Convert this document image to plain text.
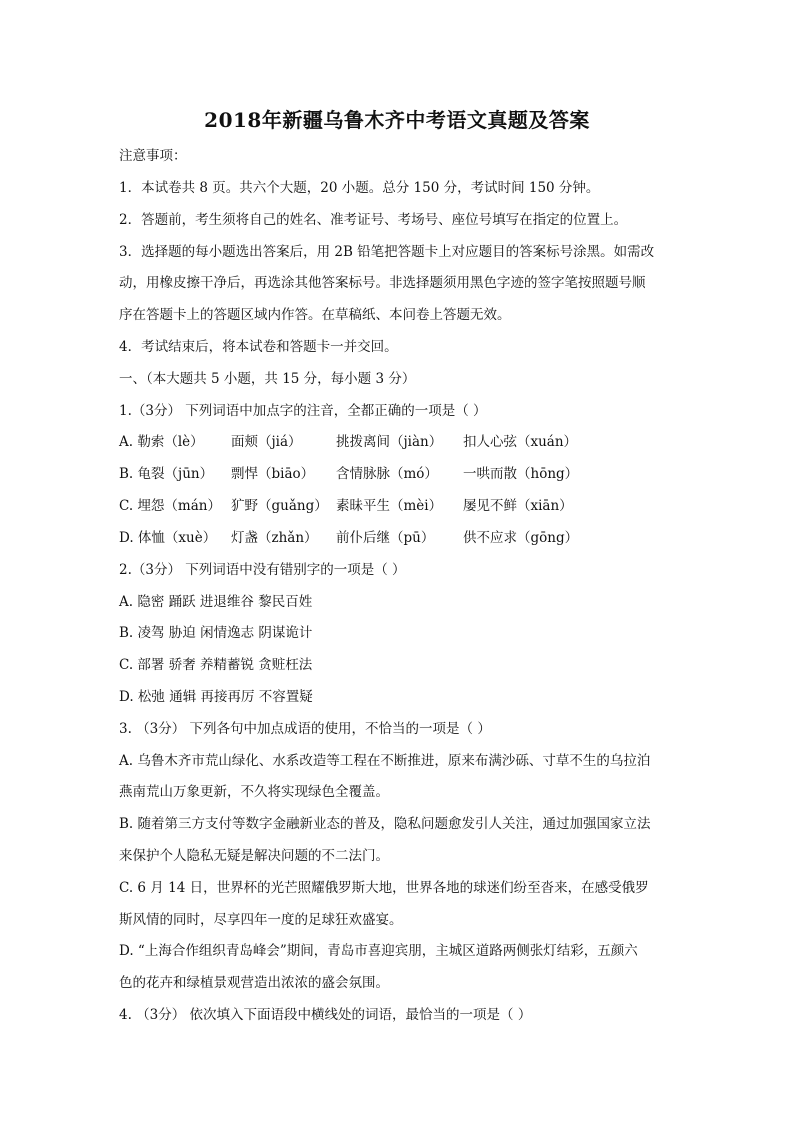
2018年新疆乌鲁木齐中考语文真题及答案
注意事项：
1．本试卷共 8 页。共六个大题，20 小题。总分 150 分，考试时间 150 分钟。
2．答题前，考生须将自己的姓名、准考证号、考场号、座位号填写在指定的位置上。
3．选择题的每小题选出答案后，用 2B 铅笔把答题卡上对应题目的答案标号涂黑。如需改
动，用橡皮擦干净后，再选涂其他答案标号。非选择题须用黑色字迹的签字笔按照题号顺
序在答题卡上的答题区域内作答。在草稿纸、本问卷上答题无效。
4．考试结束后，将本试卷和答题卡一并交回。
一、（本大题共 5 小题，共 15 分，每小题 3 分）
1.（3分） 下列词语中加点字的注音，全都正确的一项是（ ）
A. 勒索（lè） 面颊（jiá）	挑拨离间（jiàn） 扣人心弦（xuán）
B. 龟裂（jūn） 剽悍（biāo） 含情脉脉（mó） 一哄而散（hōng）
C. 埋怨（mán） 犷野（guǎng） 素昧平生（mèi） 屡见不鲜（xiān）
D. 体恤（xuè） 灯盏（zhǎn） 前仆后继（pū） 供不应求（gōng）
2.（3分） 下列词语中没有错别字的一项是（ ）
A. 隐密 踊跃 进退维谷 黎民百姓
B. 凌驾 胁迫 闲情逸志 阴谋诡计
C. 部署 骄奢 养精蓄锐 贪赃枉法
D. 松弛 通辑 再接再厉 不容置疑
3. （3分） 下列各句中加点成语的使用，不恰当的一项是（ ）
A. 乌鲁木齐市荒山绿化、水系改造等工程在不断推进，原来布满沙砾、寸草不生的乌拉泊
燕南荒山万象更新，不久将实现绿色全覆盖。
B. 随着第三方支付等数字金融新业态的普及，隐私问题愈发引人关注，通过加强国家立法
来保护个人隐私无疑是解决问题的不二法门。
C. 6 月 14 日，世界杯的光芒照耀俄罗斯大地，世界各地的球迷们纷至沓来，在感受俄罗
斯风情的同时，尽享四年一度的足球狂欢盛宴。
D. “上海合作组织青岛峰会”期间，青岛市喜迎宾朋，主城区道路两侧张灯结彩，五颜六
色的花卉和绿植景观营造出浓浓的盛会氛围。
4. （3分） 依次填入下面语段中横线处的词语，最恰当的一项是（ ）
